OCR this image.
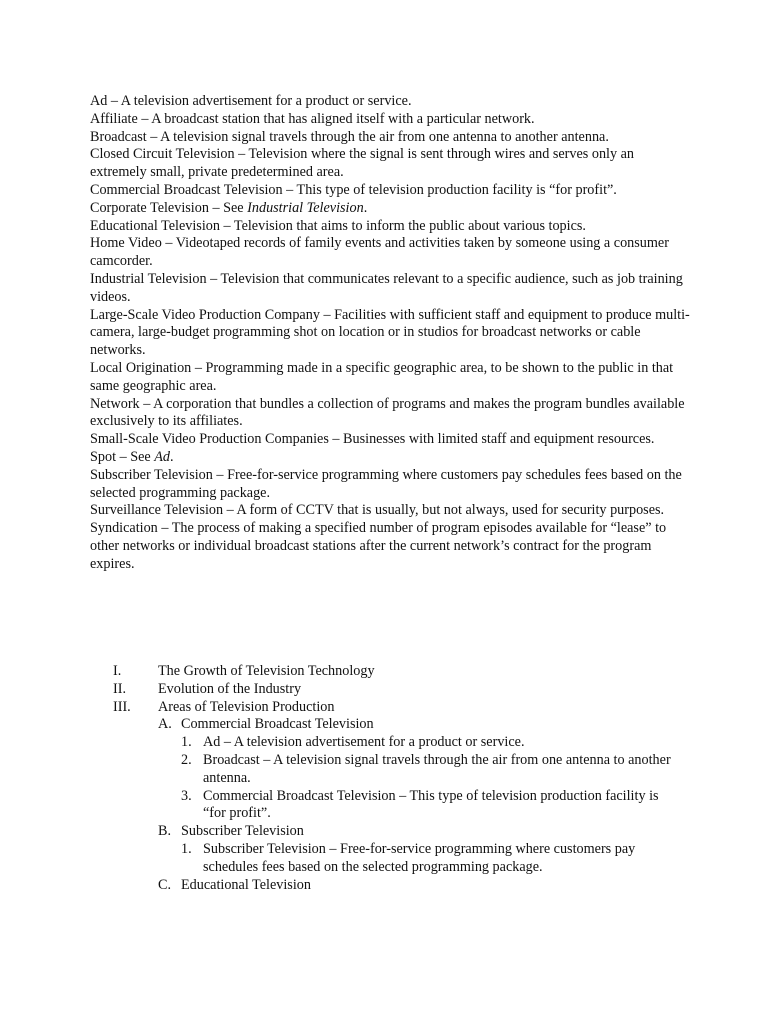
Ad – A television advertisement for a product or service.

Affiliate – A broadcast station that has aligned itself with a particular network.

Broadcast – A television signal travels through the air from one antenna to another antenna.

Closed Circuit Television – Television where the signal is sent through wires and serves only an extremely small, private predetermined area.

Commercial Broadcast Television – This type of television production facility is “for profit”.

Corporate Television – See Industrial Television.

Educational Television – Television that aims to inform the public about various topics.

Home Video – Videotaped records of family events and activities taken by someone using a consumer camcorder.

Industrial Television – Television that communicates relevant to a specific audience, such as job training videos.

Large-Scale Video Production Company – Facilities with sufficient staff and equipment to produce multi-camera, large-budget programming shot on location or in studios for broadcast networks or cable networks.

Local Origination – Programming made in a specific geographic area, to be shown to the public in that same geographic area.

Network – A corporation that bundles a collection of programs and makes the program bundles available exclusively to its affiliates.

Small-Scale Video Production Companies – Businesses with limited staff and equipment resources.

Spot – See Ad.

Subscriber Television – Free-for-service programming where customers pay schedules fees based on the selected programming package.

Surveillance Television – A form of CCTV that is usually, but not always, used for security purposes.

Syndication – The process of making a specified number of program episodes available for “lease” to other networks or individual broadcast stations after the current network’s contract for the program expires.

I.	The Growth of Television Technology
II. Evolution of the Industry
III. Areas of Television Production
A. Commercial Broadcast Television
1. Ad – A television advertisement for a product or service.
2. Broadcast – A television signal travels through the air from one antenna to another antenna.
3. Commercial Broadcast Television – This type of television production facility is “for profit”.
B. Subscriber Television
1. Subscriber Television – Free-for-service programming where customers pay schedules fees based on the selected programming package.
C. Educational Television
